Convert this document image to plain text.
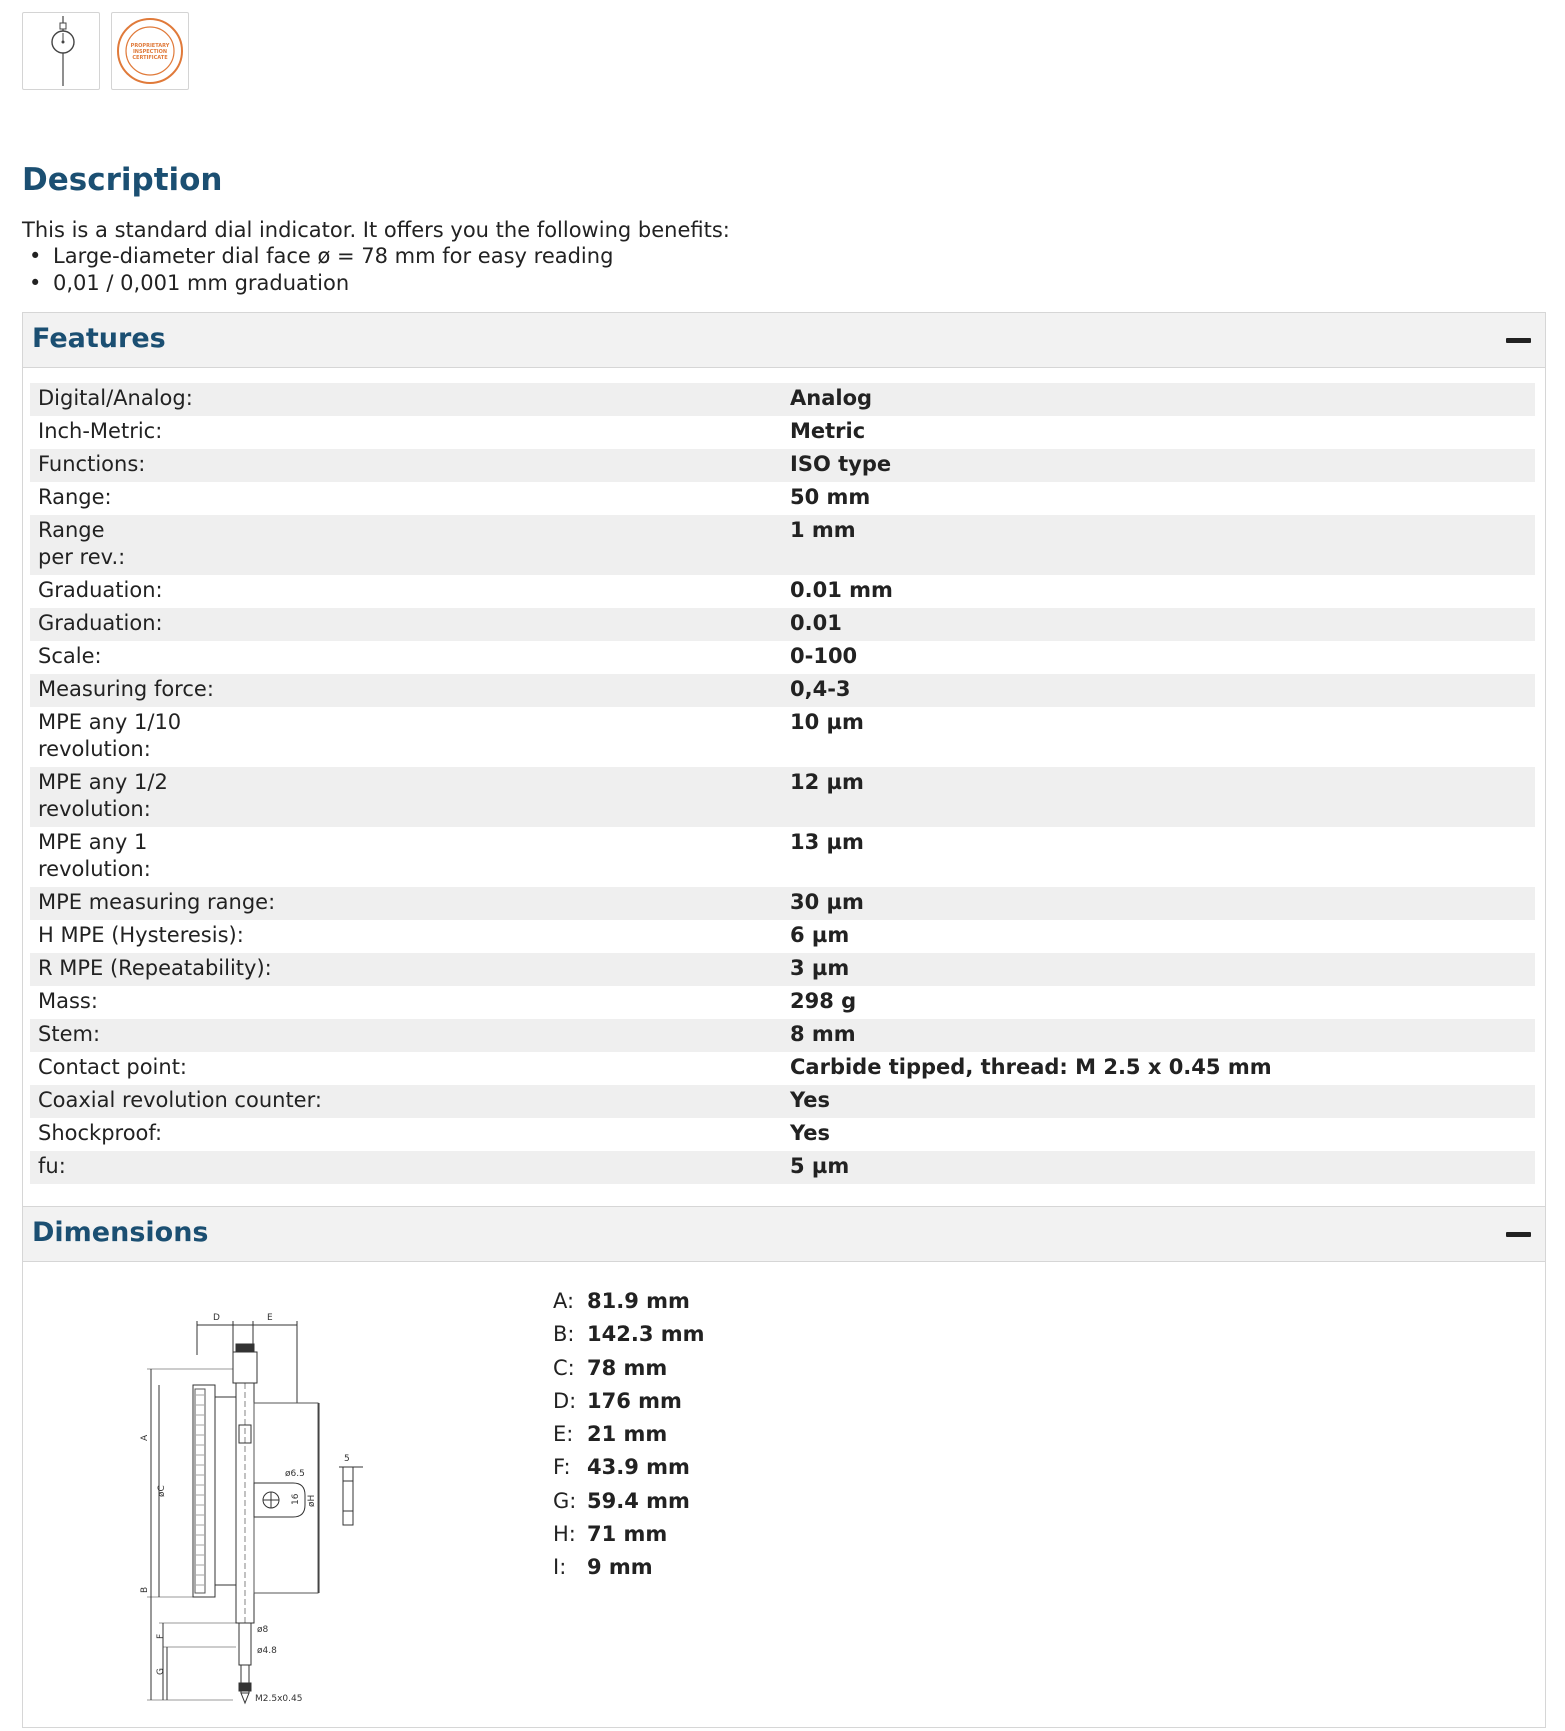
PROPRIETARY
INSPECTION
CERTIFICATE
Description

This is a standard dial indicator. It offers you the following benefits:

• Large-diameter dial face ø = 78 mm for easy reading
• 0,01 / 0,001 mm graduation
Features
Digital/Analog:	Analog
Inch-Metric:	Metric
Functions:	ISO type
Range:	50 mm
Range
per rev.:	1 mm
Graduation:	0.01 mm
Graduation:	0.01
Scale:	0-100
Measuring force:	0,4-3
MPE any 1/10
revolution:	10 µm
MPE any 1/2
revolution:	12 µm
MPE any 1
revolution:	13 µm
MPE measuring range:	30 µm
H MPE (Hysteresis):	6 µm
R MPE (Repeatability):	3 µm
Mass:	298 g
Stem:	8 mm
Contact point:	Carbide tipped, thread: M 2.5 x 0.45 mm
Coaxial revolution counter:	Yes
Shockproof:	Yes
fu:	5 µm
Dimensions
D	E
ø6.5
16 øH
5
A
øC
B
F
G
ø8
ø4.8
M2.5x0.45
A: 81.9 mm
B: 142.3 mm
C: 78 mm
D: 176 mm
E: 21 mm
F: 43.9 mm
G: 59.4 mm
H: 71 mm
I: 9 mm
